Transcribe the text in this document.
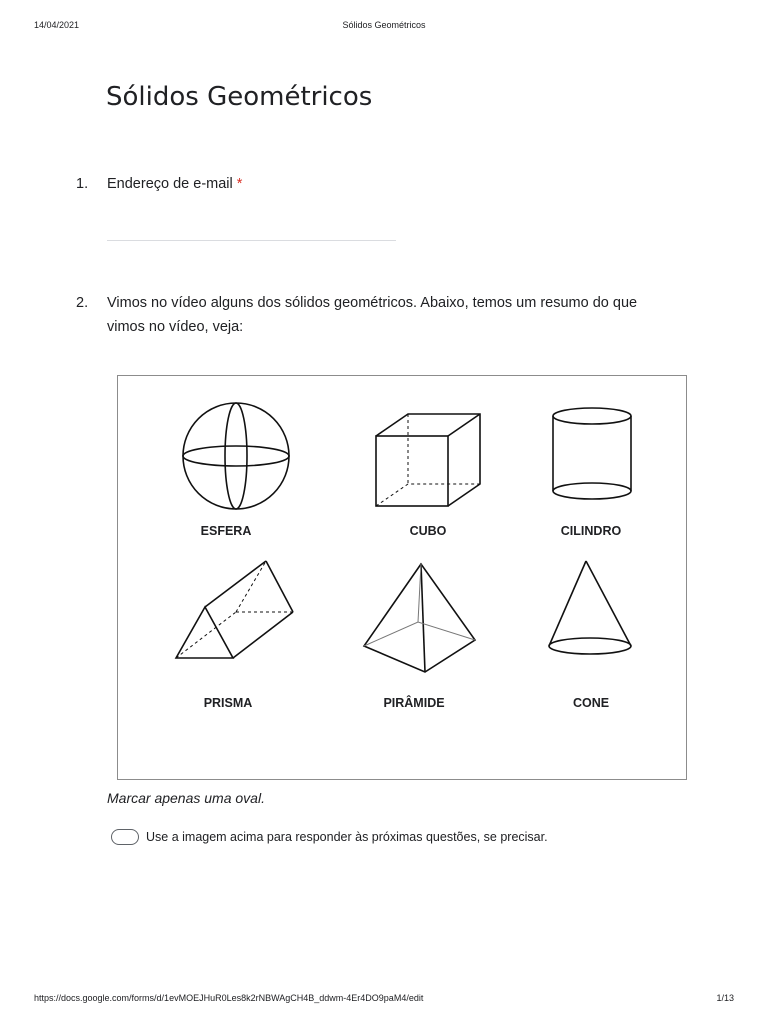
14/04/2021	Sólidos Geométricos
Sólidos Geométricos
1. Endereço de e-mail *
2. Vimos no vídeo alguns dos sólidos geométricos. Abaixo, temos um resumo do que
vimos no vídeo, veja:
ESFERA	CUBO	CILINDRO
PRISMA	PIRÂMIDE	CONE
Marcar apenas uma oval.
Use a imagem acima para responder às próximas questões, se precisar.
https://docs.google.com/forms/d/1evMOEJHuR0Les8k2rNBWAgCH4B_ddwm-4Er4DO9paM4/edit	1/13
